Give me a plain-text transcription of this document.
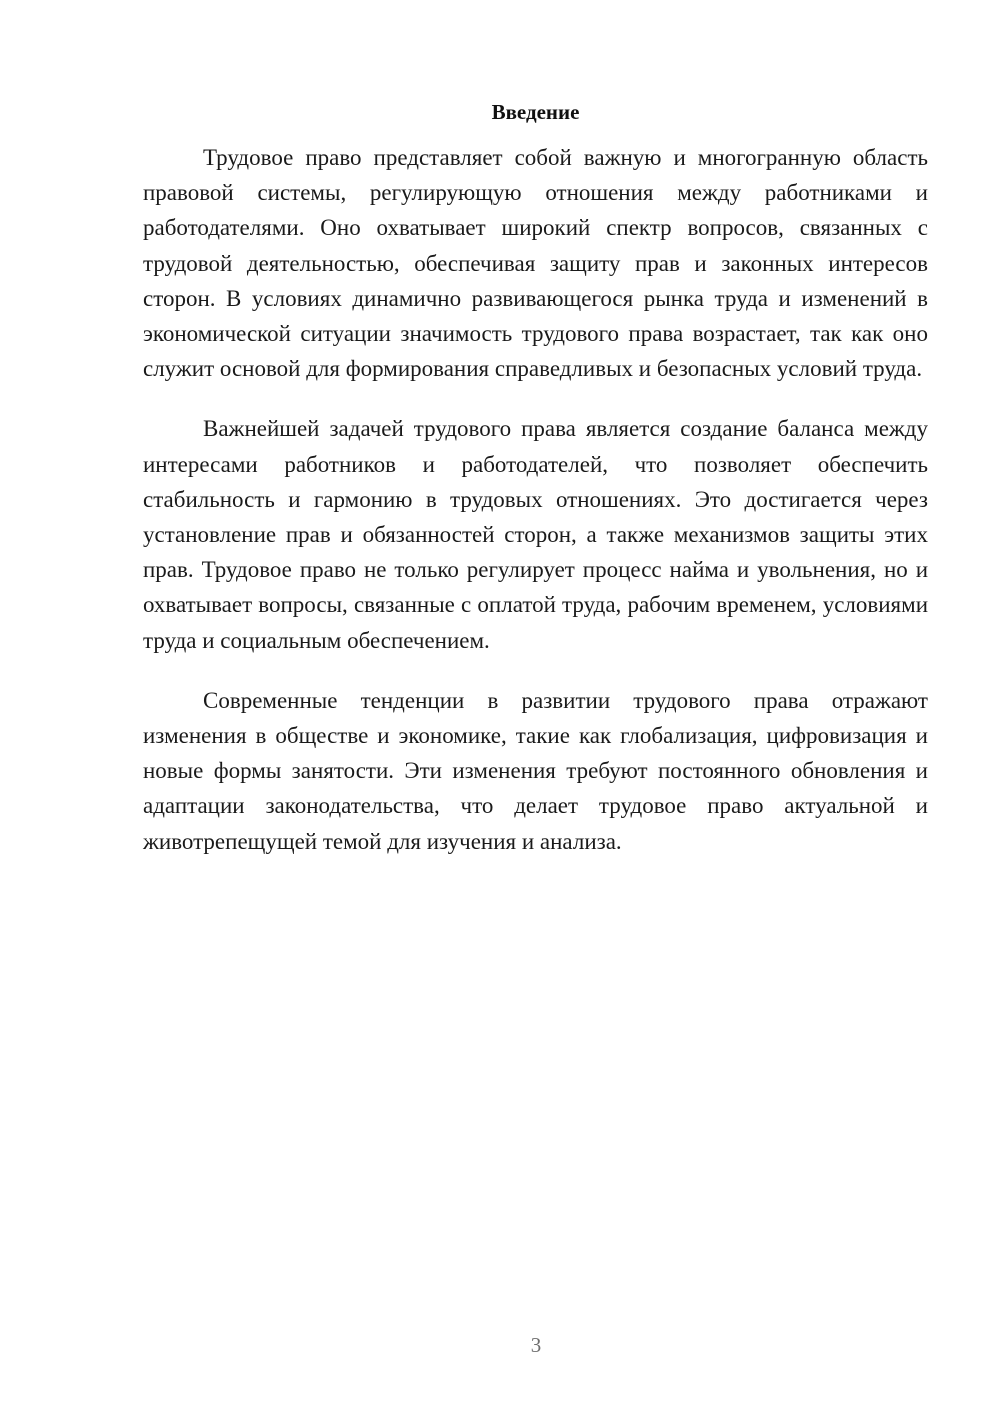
Введение

Трудовое право представляет собой важную и многогранную область правовой системы, регулирующую отношения между работниками и работодателями. Оно охватывает широкий спектр вопросов, связанных с трудовой деятельностью, обеспечивая защиту прав и законных интересов сторон. В условиях динамично развивающегося рынка труда и изменений в экономической ситуации значимость трудового права возрастает, так как оно служит основой для формирования справедливых и безопасных условий труда.

Важнейшей задачей трудового права является создание баланса между интересами работников и работодателей, что позволяет обеспечить стабильность и гармонию в трудовых отношениях. Это достигается через установление прав и обязанностей сторон, а также механизмов защиты этих прав. Трудовое право не только регулирует процесс найма и увольнения, но и охватывает вопросы, связанные с оплатой труда, рабочим временем, условиями труда и социальным обеспечением.

Современные тенденции в развитии трудового права отражают изменения в обществе и экономике, такие как глобализация, цифровизация и новые формы занятости. Эти изменения требуют постоянного обновления и адаптации законодательства, что делает трудовое право актуальной и животрепещущей темой для изучения и анализа.

3
